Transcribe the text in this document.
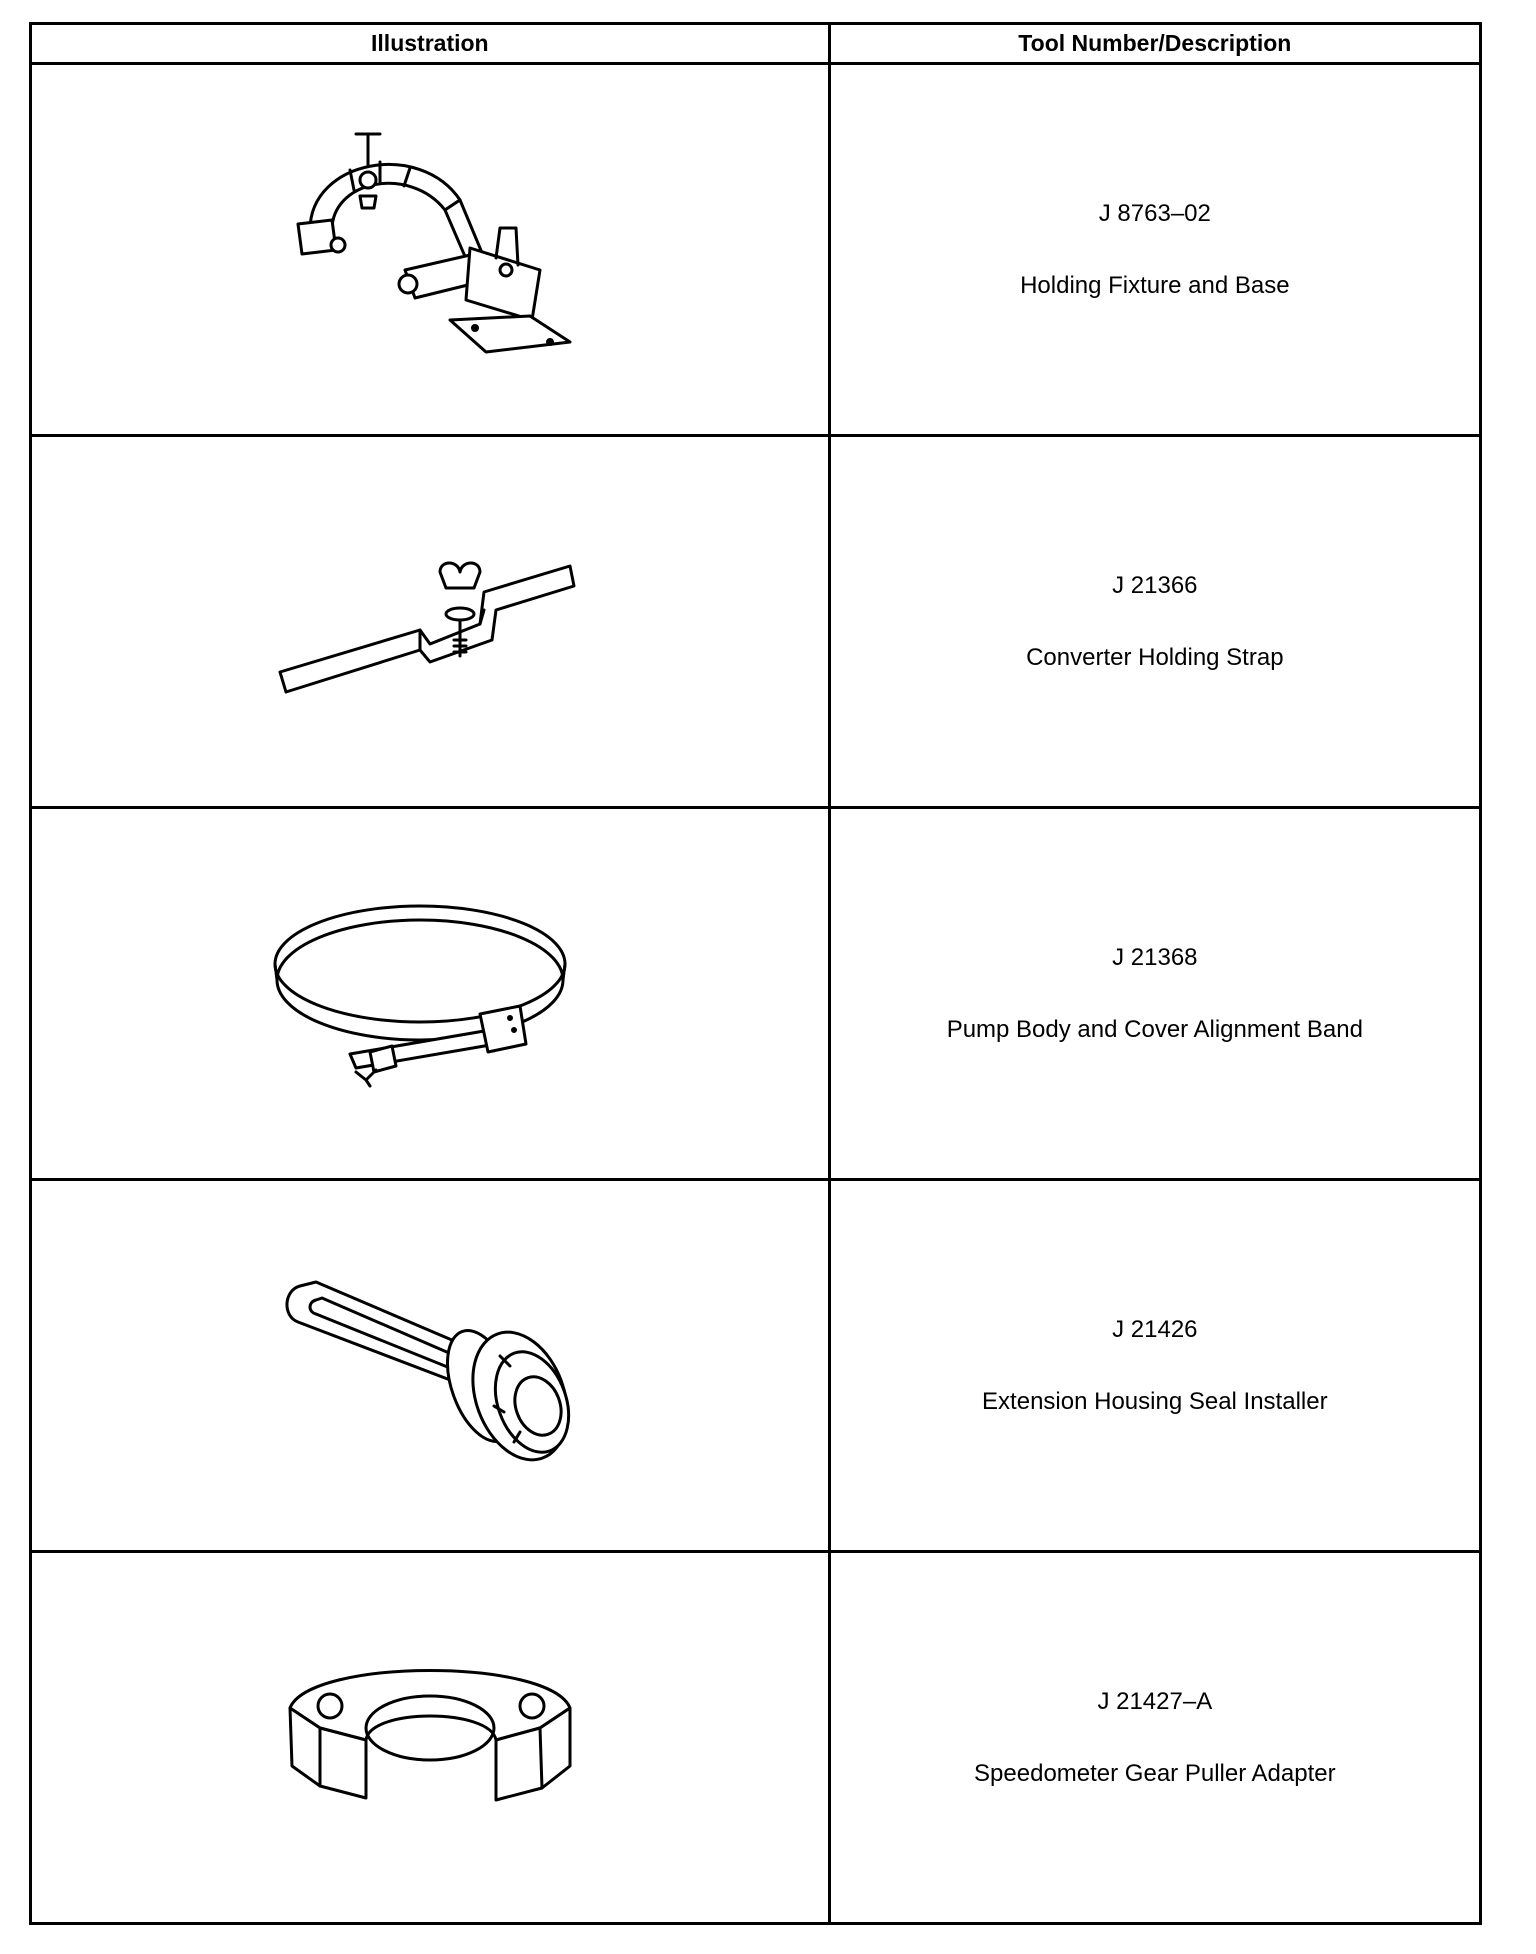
Illustration	Tool Number/Description

J 8763–02
Holding Fixture and Base

J 21366
Converter Holding Strap

J 21368
Pump Body and Cover Alignment Band

J 21426
Extension Housing Seal Installer

J 21427–A
Speedometer Gear Puller Adapter
